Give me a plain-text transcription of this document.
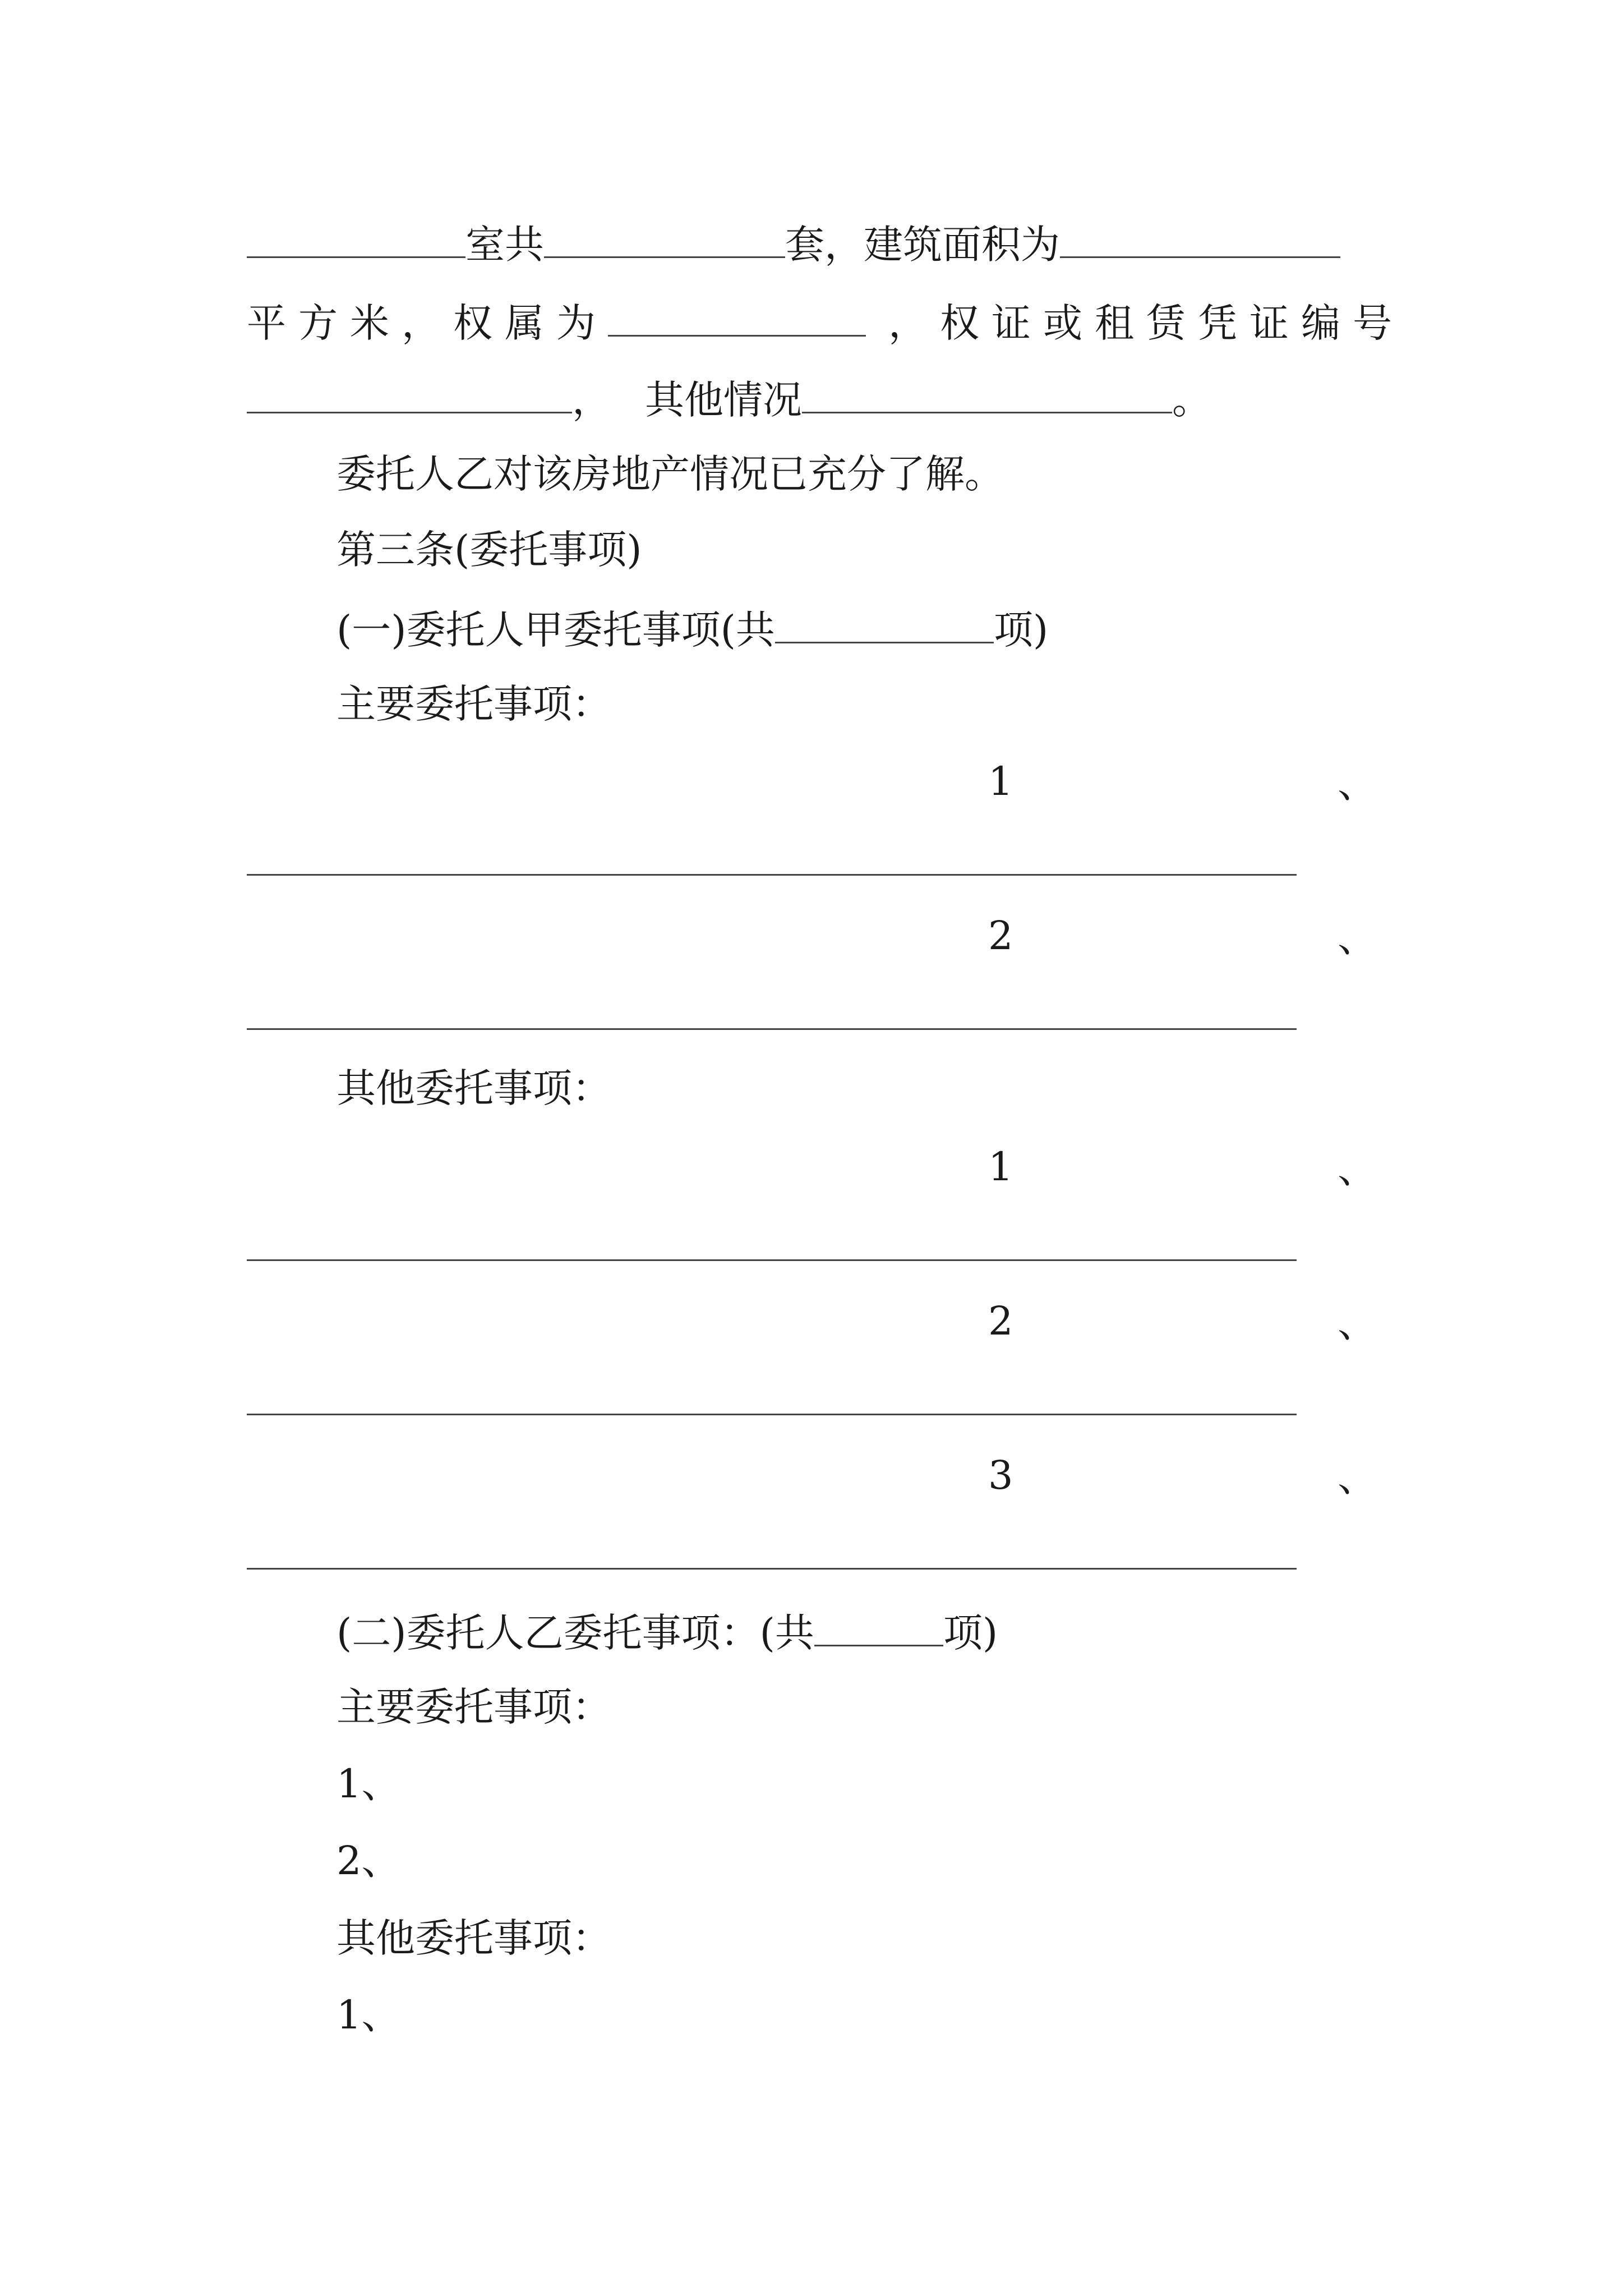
室共	套，建筑面积为
平方米，权属为	，权证或租赁凭证编号
， 其他情况	。
委托人乙对该房地产情况已充分了解。
第三条(委托事项)
(一)委托人甲委托事项(共	项)
主要委托事项：
1	、
2	、
其他委托事项：
1	、
2	、
3	、
(二)委托人乙委托事项：(共	项)
主要委托事项：
1、
2、
其他委托事项：
1、
